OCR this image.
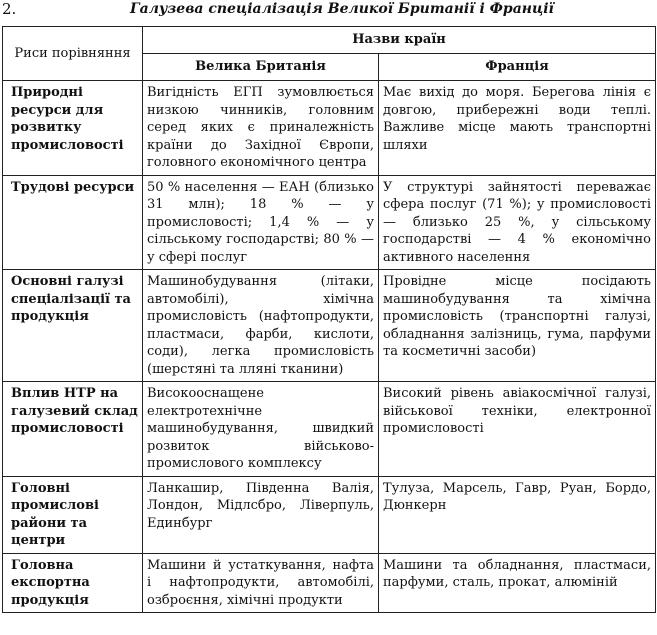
2.	Галузева спеціалізація Великої Британії і Франції
Риси порівняння	Назви країн	
	Велика Британія	Франція

Природні ресурси для розвитку промисловості	Вигідність ЕГП зумовлюється низкою чинників, головним серед яких є приналежність країни до Західної Європи, головного економічного центра	Має вихід до моря. Берегова лінія є довгою, прибережні води теплі. Важливе місце мають транспортні шляхи

Трудові ресурси	50 % населення — ЕАН (близько 31 млн); 18 % — у промисловості; 1,4 % — у сільському господарстві; 80 % — у сфері послуг	У структурі зайнятості переважає сфера послуг (71 %); у промисловості — близько 25 %, у сільському господарстві — 4 % економічно активного населення

Основні галузі спеціалізації та продукція	Машинобудування (літаки, автомобілі), хімічна промисловість (нафтопродукти, пластмаси, фарби, кислоти, соди), легка промисловість (шерстяні та лляні тканини)	Провідне місце посідають машинобудування та хімічна промисловість (транспортні галузі, обладнання залізниць, гума, парфуми та косметичні засоби)

Вплив НТР на галузевий склад промисловості	Високооснащене електротехнічне машинобудування, швидкий розвиток військово-промислового комплексу	Високий рівень авіакосмічної галузі, військової техніки, електронної промисловості

Головні промислові райони та центри	Ланкашир, Південна Валія, Лондон, Мідлсбро, Ліверпуль, Единбург	Тулуза, Марсель, Гавр, Руан, Бордо, Дюнкерн

Головна експортна продукція	Машини й устаткування, нафта і нафтопродукти, автомобілі, озброєння, хімічні продукти	Машини та обладнання, пластмаси, парфуми, сталь, прокат, алюміній
